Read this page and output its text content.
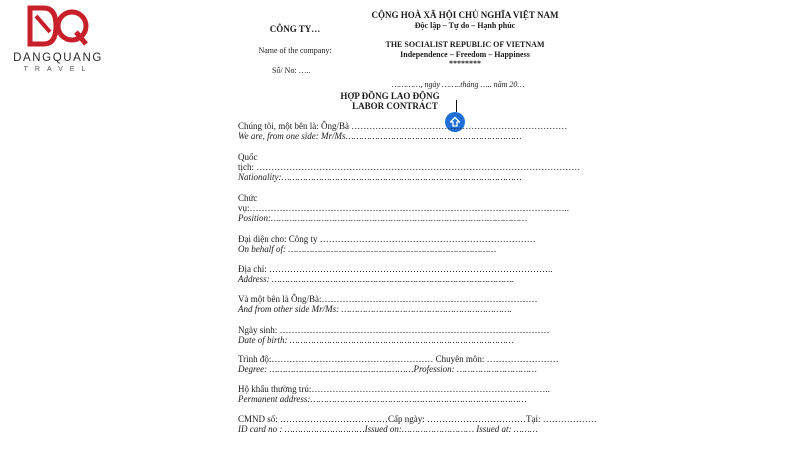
DANGQUANG
TRAVEL
CÔNG TY…
Name of the company:
Số/ No: …..
CỘNG HOÀ XÃ HỘI CHỦ NGHĨA VIỆT NAM
Độc lập – Tự do – Hạnh phúc
THE SOCIALIST REPUBLIC OF VIETNAM
Independence – Freedom – Happiness
********
…………, ngày ……..tháng ….. năm 20…
HỢP ĐỒNG LAO ĐỘNG
LABOR CONTRACT
Chúng tôi, một bên là: Ông/Bà ………………………………………………………………
We are, from one side: Mr/Ms…………………………………………………………
Quốc
tịch: ………………………………………………………………………………………………
Nationality:………………………………………………………………………………
Chức
vụ:……………………………………………………………………………………………..
Position:……………………………………………………………………………………
Đại diện cho: Công ty ………………………………………………………………
On behalf of: ……………………………………………………………………
Địa chỉ: …………………………………………………………………………………..
Address: ……………………………………………………………………………….
Và một bên là Ông/Bà:………………………………………………………………
And from other side Mr/Ms: ……………………………………………………….
Ngày sinh: ………………………………………………………………………………
Date of birth: …………………………………………………………………………
Trình độ:……………………………………………… Chuyên môn: ……………………
Degree: ………………………………………………Profession: …………………………
Hộ khẩu thường trú:……………………………………………………………………..
Permanent address:………………………………………………………………………
CMND số: ………………………………Cấp ngày: ……………………………Tại: ………………
ID card no : …………………………Issued on:……………………… Issued at: ………
